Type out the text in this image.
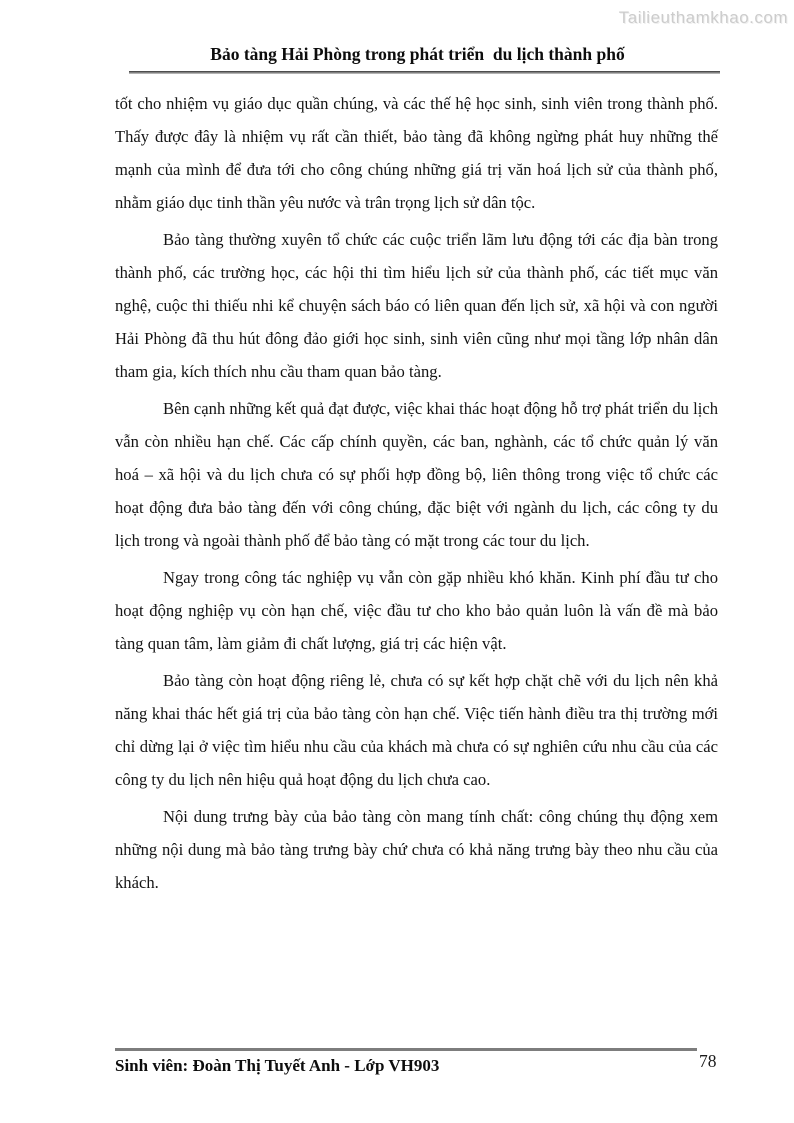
Tailieuthamkhao.com
Bảo tàng Hải Phòng trong phát triển  du lịch thành phố

tốt cho nhiệm vụ giáo dục quần chúng, và các thế hệ học sinh, sinh viên trong thành phố. Thấy được đây là nhiệm vụ rất cần thiết, bảo tàng đã không ngừng phát huy những thế mạnh của mình để đưa tới cho công chúng những giá trị văn hoá lịch sử của thành phố, nhằm giáo dục tinh thần yêu nước và trân trọng lịch sử dân tộc.

Bảo tàng thường xuyên tổ chức các cuộc triển lãm lưu động tới các địa bàn trong thành phố, các trường học, các hội thi tìm hiểu lịch sử của thành phố, các tiết mục văn nghệ, cuộc thi thiếu nhi kể chuyện sách báo có liên quan đến lịch sử, xã hội và con người Hải Phòng đã thu hút đông đảo giới học sinh, sinh viên cũng như mọi tầng lớp nhân dân tham gia, kích thích nhu cầu tham quan bảo tàng.

Bên cạnh những kết quả đạt được, việc khai thác hoạt động hỗ trợ phát triển du lịch vẫn còn nhiều hạn chế. Các cấp chính quyền, các ban, nghành, các tổ chức quản lý văn hoá – xã hội và du lịch chưa có sự phối hợp đồng bộ, liên thông trong việc tổ chức các hoạt động đưa bảo tàng đến với công chúng, đặc biệt với ngành du lịch, các công ty du lịch trong và ngoài thành phố để bảo tàng có mặt trong các tour du lịch.

Ngay trong công tác nghiệp vụ vẫn còn gặp nhiều khó khăn. Kinh phí đầu tư cho hoạt động nghiệp vụ còn hạn chế, việc đầu tư cho kho bảo quản luôn là vấn đề mà bảo tàng quan tâm, làm giảm đi chất lượng, giá trị các hiện vật.

Bảo tàng còn hoạt động riêng lẻ, chưa có sự kết hợp chặt chẽ với du lịch nên khả năng khai thác hết giá trị của bảo tàng còn hạn chế. Việc tiến hành điều tra thị trường mới chỉ dừng lại ở việc tìm hiểu nhu cầu của khách mà chưa có sự nghiên cứu nhu cầu của các công ty du lịch nên hiệu quả hoạt động du lịch chưa cao.

Nội dung trưng bày của bảo tàng còn mang tính chất: công chúng thụ động xem những nội dung mà bảo tàng trưng bày chứ chưa có khả năng trưng bày theo nhu cầu của khách.

Sinh viên: Đoàn Thị Tuyết Anh - Lớp VH903	78
